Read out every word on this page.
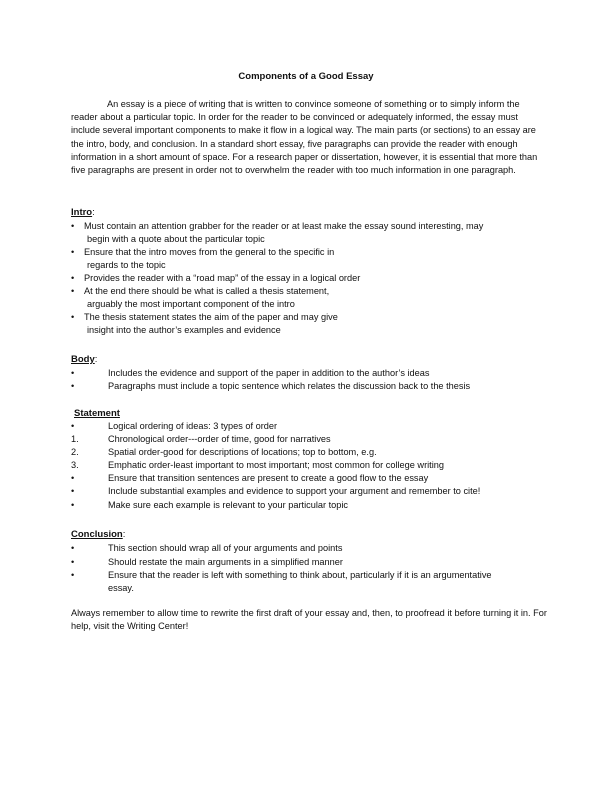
Components of a Good Essay
An essay is a piece of writing that is written to convince someone of something or to simply inform the reader about a particular topic. In order for the reader to be convinced or adequately informed, the essay must include several important components to make it flow in a logical way. The main parts (or sections) to an essay are the intro, body, and conclusion. In a standard short essay, five paragraphs can provide the reader with enough information in a short amount of space. For a research paper or dissertation, however, it is essential that more than five paragraphs are present in order not to overwhelm the reader with too much information in one paragraph.
Intro:
• Must contain an attention grabber for the reader or at least make the essay sound interesting, may
begin with a quote about the particular topic
• Ensure that the intro moves from the general to the specific in
regards to the topic
• Provides the reader with a “road map” of the essay in a logical order
• At the end there should be what is called a thesis statement,
arguably the most important component of the intro
• The thesis statement states the aim of the paper and may give
insight into the author’s examples and evidence
Body:
•	Includes the evidence and support of the paper in addition to the author’s ideas
•	Paragraphs must include a topic sentence which relates the discussion back to the thesis
Statement
•	Logical ordering of ideas: 3 types of order
1.	Chronological order---order of time, good for narratives
2.	Spatial order-good for descriptions of locations; top to bottom, e.g.
3.	Emphatic order-least important to most important; most common for college writing
•	Ensure that transition sentences are present to create a good flow to the essay
•	Include substantial examples and evidence to support your argument and remember to cite!
•	Make sure each example is relevant to your particular topic
Conclusion:
•	This section should wrap all of your arguments and points
•	Should restate the main arguments in a simplified manner
•	Ensure that the reader is left with something to think about, particularly if it is an argumentative
essay.
Always remember to allow time to rewrite the first draft of your essay and, then, to proofread it before turning it in. For help, visit the Writing Center!
